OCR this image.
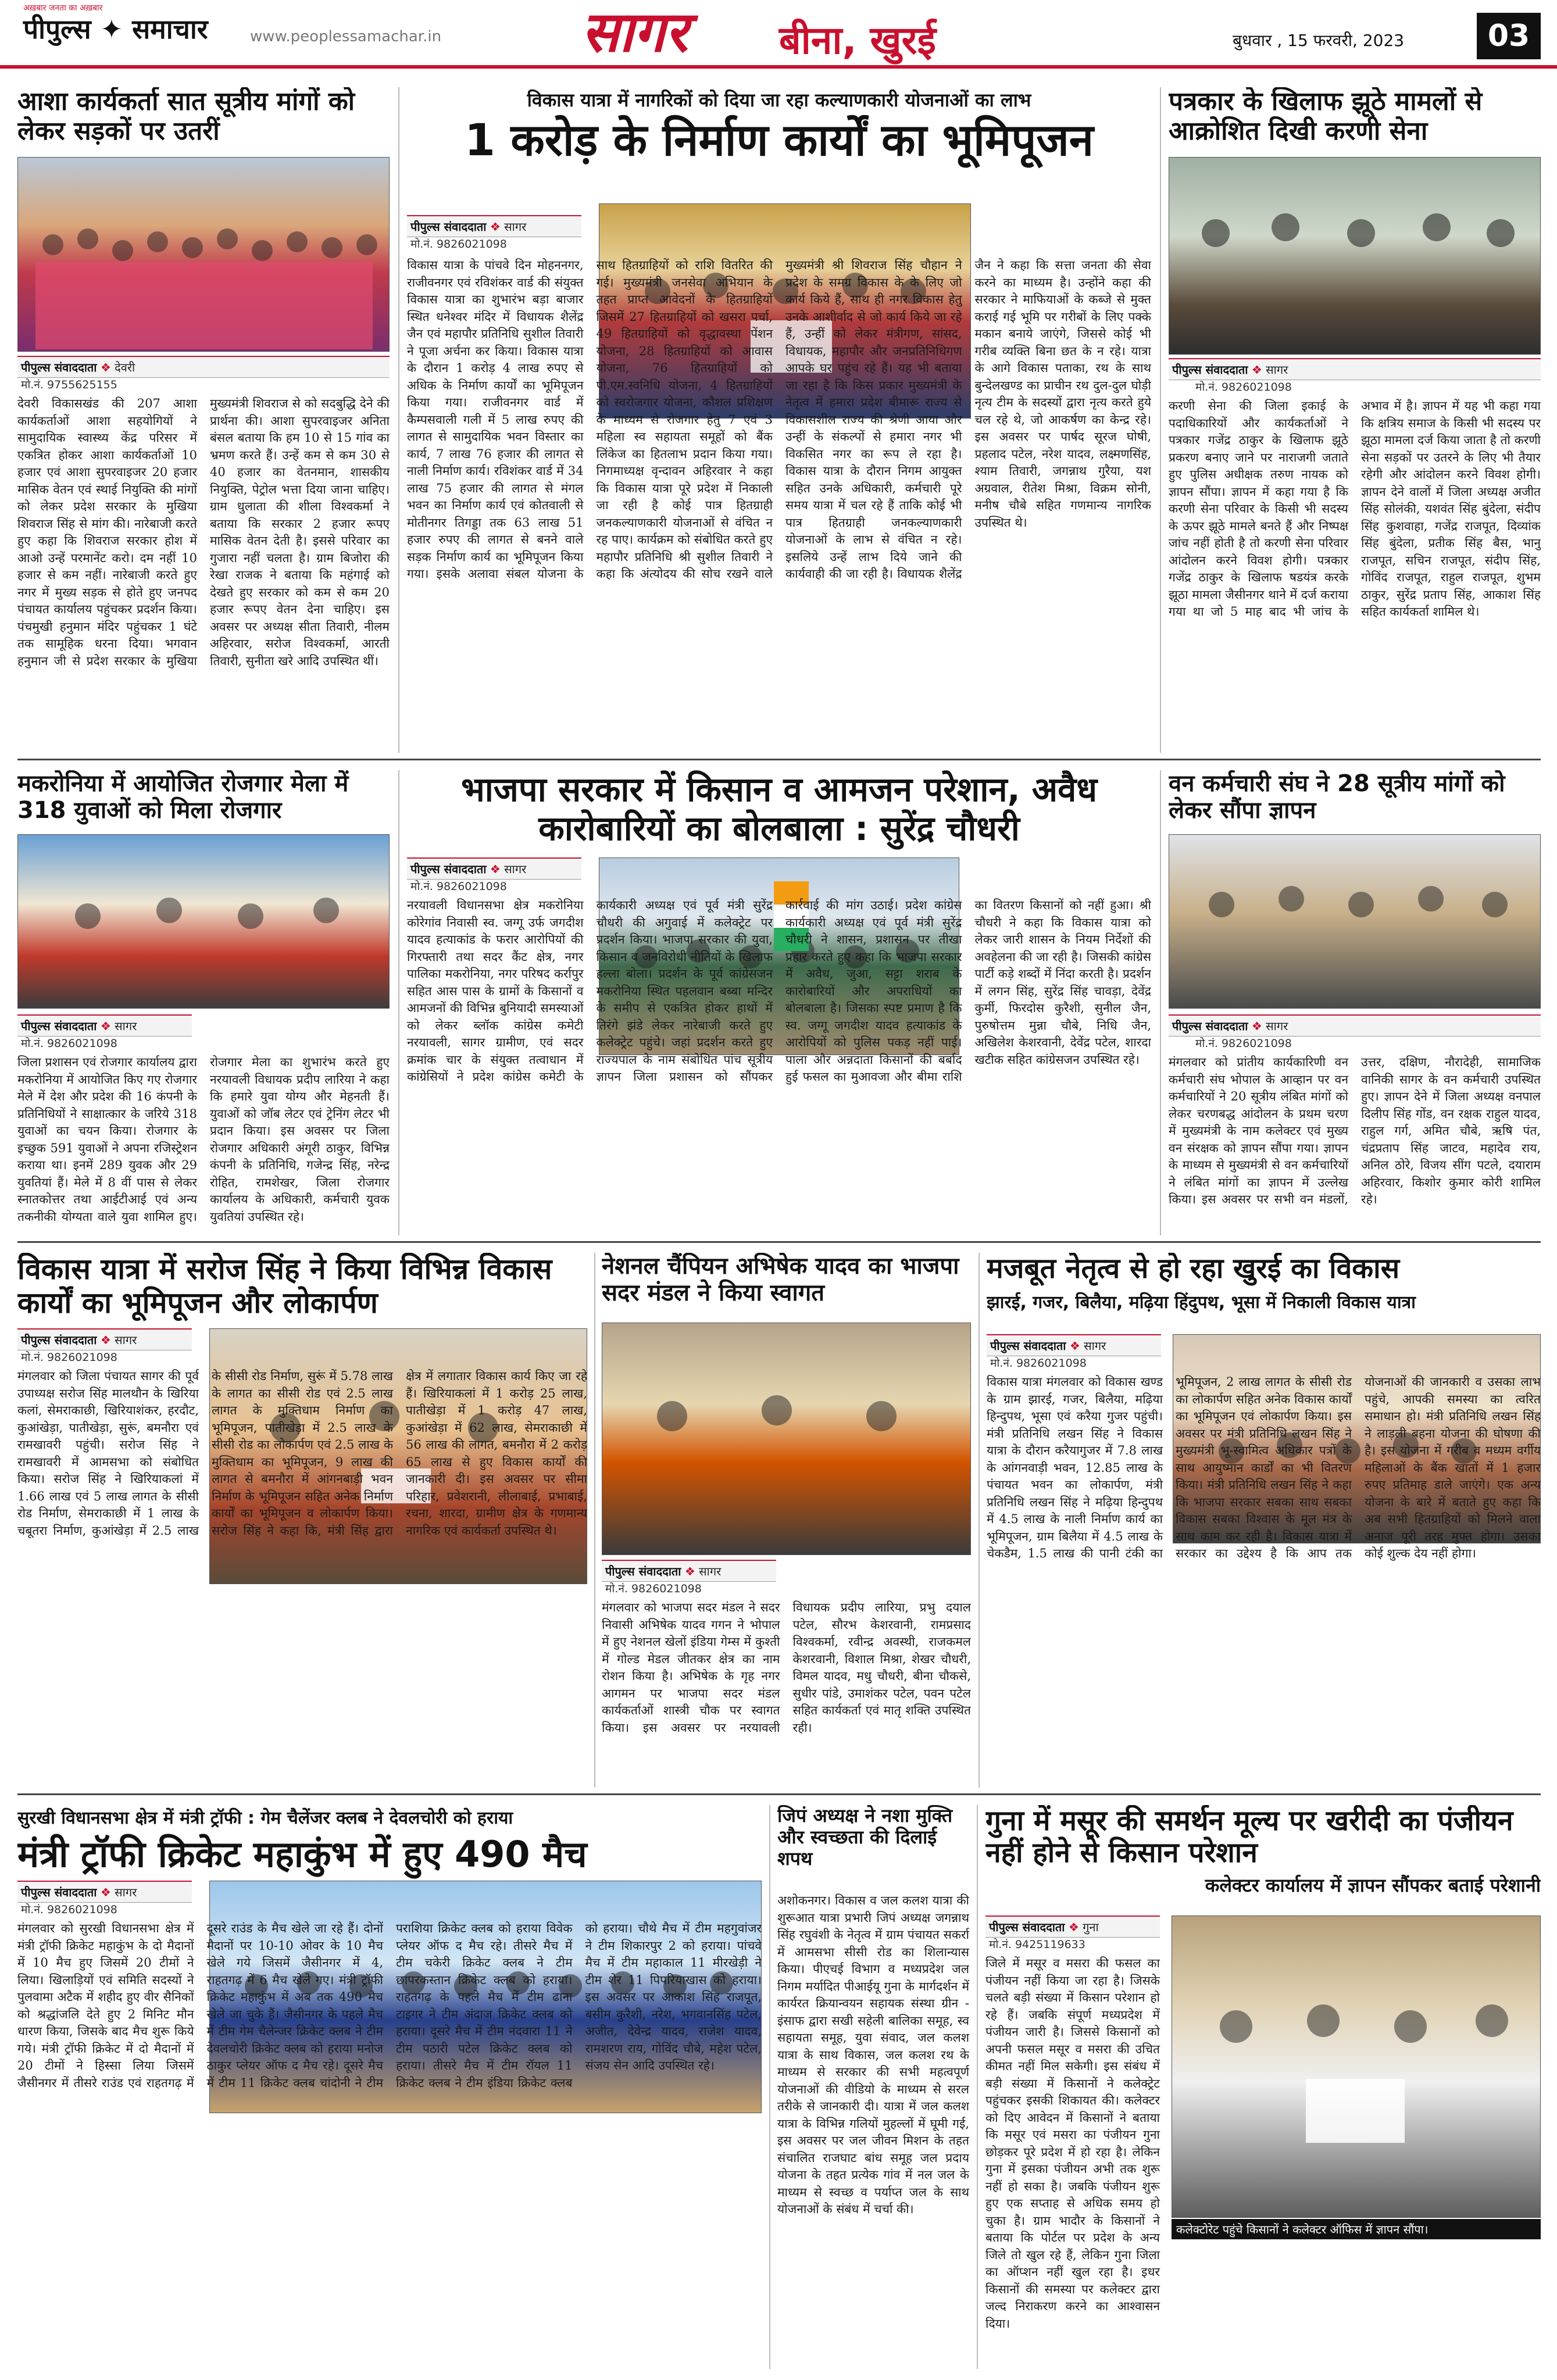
अख़बार जनता का अख़बार
पीपुल्स ✦ समाचार	www.peoplessamachar.in	सागर बीना, खुरई	बुधवार , 15 फरवरी, 2023	03
आशा कार्यकर्ता सात सूत्रीय मांगों को लेकर सड़कों पर उतरीं
पीपुल्स संवाददाता ❖ देवरी
मो.नं. 9755625155
देवरी विकासखंड की 207 आशा कार्यकर्ताओं आशा सहयोगियों ने सामुदायिक स्वास्थ्य केंद्र परिसर में एकत्रित होकर आशा कार्यकर्ताओं 10 हजार एवं आशा सुपरवाइजर 20 हजार मासिक वेतन एवं स्थाई नियुक्ति की मांगों को लेकर प्रदेश सरकार के मुखिया शिवराज सिंह से मांग की। नारेबाजी करते हुए कहा कि शिवराज सरकार होश में आओ उन्हें परमानेंट करो। दम नहीं 10 हजार से कम नहीं। नारेबाजी करते हुए नगर में मुख्य सड़क से होते हुए जनपद पंचायत कार्यालय पहुंचकर प्रदर्शन किया। पंचमुखी हनुमान मंदिर पहुंचकर 1 घंटे तक सामूहिक धरना दिया। भगवान हनुमान जी से प्रदेश सरकार के मुखिया मुख्यमंत्री शिवराज से को सदबुद्धि देने की प्रार्थना की। आशा सुपरवाइजर अनिता बंसल बताया कि हम 10 से 15 गांव का भ्रमण करते हैं। उन्हें कम से कम 30 से 40 हजार का वेतनमान, शासकीय नियुक्ति, पेट्रोल भत्ता दिया जाना चाहिए। ग्राम धुलाता की शीला विश्वकर्मा ने बताया कि सरकार 2 हजार रूपए मासिक वेतन देती है। इससे परिवार का गुजारा नहीं चलता है। ग्राम बिजोरा की रेखा राजक ने बताया कि महंगाई को देखते हुए सरकार को कम से कम 20 हजार रूपए वेतन देना चाहिए। इस अवसर पर अध्यक्ष सीता तिवारी, नीलम अहिरवार, सरोज विश्वकर्मा, आरती तिवारी, सुनीता खरे आदि उपस्थित थीं।
विकास यात्रा में नागरिकों को दिया जा रहा कल्याणकारी योजनाओं का लाभ
1 करोड़ के निर्माण कार्यों का भूमिपूजन
पीपुल्स संवाददाता ❖ सागर
मो.नं. 9826021098
विकास यात्रा के पांचवे दिन मोहननगर, राजीवनगर एवं रविशंकर वार्ड की संयुक्त विकास यात्रा का शुभारंभ बड़ा बाजार स्थित धनेश्वर मंदिर में विधायक शैलेंद्र जैन एवं महापौर प्रतिनिधि सुशील तिवारी ने पूजा अर्चना कर किया। विकास यात्रा के दौरान 1 करोड़ 4 लाख रुपए से अधिक के निर्माण कार्यों का भूमिपूजन किया गया। राजीवनगर वार्ड में कैम्पसवाली गली में 5 लाख रुपए की लागत से सामुदायिक भवन विस्तार का कार्य, 7 लाख 76 हजार की लागत से नाली निर्माण कार्य। रविशंकर वार्ड में 34 लाख 75 हजार की लागत से मंगल भवन का निर्माण कार्य एवं कोतवाली से मोतीनगर तिगड्डा तक 63 लाख 51 हजार रुपए की लागत से बनने वाले सड़क निर्माण कार्य का भूमिपूजन किया गया। इसके अलावा संबल योजना के साथ हितग्राहियों को राशि वितरित की गई। मुख्यमंत्री जनसेवा अभियान के तहत प्राप्त आवेदनों के हितग्राहियों जिसमें 27 हितग्राहियों को खसरा पर्चा, 49 हितग्राहियों को वृद्धावस्था पेंशन योजना, 28 हितग्राहियों को आवास योजना, 76 हितग्राहियों को पी.एम.स्वनिधि योजना, 4 हितग्राहियों को स्वरोजगार योजना, कौशल प्रशिक्षण के माध्यम से रोजगार हेतु 7 एवं 3 महिला स्व सहायता समूहों को बैंक लिंकेज का हितलाभ प्रदान किया गया। निगमाध्यक्ष वृन्दावन अहिरवार ने कहा कि विकास यात्रा पूरे प्रदेश में निकाली जा रही है कोई पात्र हितग्राही जनकल्याणकारी योजनाओं से वंचित न रह पाए। कार्यक्रम को संबोधित करते हुए महापौर प्रतिनिधि श्री सुशील तिवारी ने कहा कि अंत्योदय की सोच रखने वाले मुख्यमंत्री श्री शिवराज सिंह चौहान ने प्रदेश के समग्र विकास के के लिए जो कार्य किये हैं, साथ ही नगर विकास हेतु उनके आशीर्वाद से जो कार्य किये जा रहे हैं, उन्हीं को लेकर मंत्रीगण, सांसद, विधायक, महापौर और जनप्रतिनिधिगण आपके घर पहुंच रहे हैं। यह भी बताया जा रहा है कि किस प्रकार मुख्यमंत्री के नेतृत्व में हमारा प्रदेश बीमारू राज्य से विकासशील राज्य की श्रेणी आया और उन्हीं के संकल्पों से हमारा नगर भी विकसित नगर का रूप ले रहा है। विकास यात्रा के दौरान निगम आयुक्त सहित उनके अधिकारी, कर्मचारी पूरे समय यात्रा में चल रहे हैं ताकि कोई भी पात्र हितग्राही जनकल्याणकारी योजनाओं के लाभ से वंचित न रहे। इसलिये उन्हें लाभ दिये जाने की कार्यवाही की जा रही है। विधायक शैलेंद्र जैन ने कहा कि सत्ता जनता की सेवा करने का माध्यम है। उन्होंने कहा की सरकार ने माफियाओं के कब्जे से मुक्त कराई गई भूमि पर गरीबों के लिए पक्के मकान बनाये जाएंगे, जिससे कोई भी गरीब व्यक्ति बिना छत के न रहे। यात्रा के आगे विकास पताका, रथ के साथ बुन्देलखण्ड का प्राचीन रथ दुल-दुल घोड़ी नृत्य टीम के सदस्यों द्वारा नृत्य करते हुये चल रहे थे, जो आकर्षण का केन्द्र रहे। इस अवसर पर पार्षद सूरज घोषी, प्रहलाद पटेल, नरेश यादव, लक्ष्मणसिंह, श्याम तिवारी, जगन्नाथ गुरैया, यश अग्रवाल, रीतेश मिश्रा, विक्रम सोनी, मनीष चौबे सहित गणमान्य नागरिक उपस्थित थे।
पत्रकार के खिलाफ झूठे मामलों से आक्रोशित दिखी करणी सेना
पीपुल्स संवाददाता ❖ सागर
मो.नं. 9826021098
करणी सेना की जिला इकाई के पदाधिकारियों और कार्यकर्ताओं ने पत्रकार गजेंद्र ठाकुर के खिलाफ झूठे प्रकरण बनाए जाने पर नाराजगी जताते हुए पुलिस अधीक्षक तरुण नायक को ज्ञापन सौंपा। ज्ञापन में कहा गया है कि करणी सेना परिवार के किसी भी सदस्य के ऊपर झूठे मामले बनते हैं और निष्पक्ष जांच नहीं होती है तो करणी सेना परिवार आंदोलन करने विवश होगी। पत्रकार गजेंद्र ठाकुर के खिलाफ षडयंत्र करके झूठा मामला जैसीनगर थाने में दर्ज कराया गया था जो 5 माह बाद भी जांच के अभाव में है। ज्ञापन में यह भी कहा गया कि क्षत्रिय समाज के किसी भी सदस्य पर झूठा मामला दर्ज किया जाता है तो करणी सेना सड़कों पर उतरने के लिए भी तैयार रहेगी और आंदोलन करने विवश होगी। ज्ञापन देने वालों में जिला अध्यक्ष अजीत सिंह सोलंकी, यशवंत सिंह बुंदेला, संदीप सिंह कुशवाहा, गजेंद्र राजपूत, दिव्यांक सिंह बुंदेला, प्रतीक सिंह बैस, भानु राजपूत, सचिन राजपूत, संदीप सिंह, गोविंद राजपूत, राहुल राजपूत, शुभम ठाकुर, सुरेंद्र प्रताप सिंह, आकाश सिंह सहित कार्यकर्ता शामिल थे।
मकरोनिया में आयोजित रोजगार मेला में 318 युवाओं को मिला रोजगार
पीपुल्स संवाददाता ❖ सागर
मो.नं. 9826021098
जिला प्रशासन एवं रोजगार कार्यालय द्वारा मकरोनिया में आयोजित किए गए रोजगार मेले में देश और प्रदेश की 16 कंपनी के प्रतिनिधियों ने साक्षात्कार के जरिये 318 युवाओं का चयन किया। रोजगार के इच्छुक 591 युवाओं ने अपना रजिस्ट्रेशन कराया था। इनमें 289 युवक और 29 युवतियां हैं। मेले में 8 वीं पास से लेकर स्नातकोत्तर तथा आईटीआई एवं अन्य तकनीकी योग्यता वाले युवा शामिल हुए। रोजगार मेला का शुभारंभ करते हुए नरयावली विधायक प्रदीप लारिया ने कहा कि हमारे युवा योग्य और मेहनती हैं। युवाओं को जॉब लेटर एवं ट्रेनिंग लेटर भी प्रदान किया। इस अवसर पर जिला रोजगार अधिकारी अंगूरी ठाकुर, विभिन्न कंपनी के प्रतिनिधि, गजेन्द्र सिंह, नरेन्द्र रोहित, रामशेखर, जिला रोजगार कार्यालय के अधिकारी, कर्मचारी युवक युवतियां उपस्थित रहे।
भाजपा सरकार में किसान व आमजन परेशान, अवैध कारोबारियों का बोलबाला : सुरेंद्र चौधरी
पीपुल्स संवाददाता ❖ सागर
मो.नं. 9826021098
नरयावली विधानसभा क्षेत्र मकरोनिया कोरेगांव निवासी स्व. जग्गू उर्फ जगदीश यादव हत्याकांड के फरार आरोपियों की गिरफ्तारी तथा सदर कैंट क्षेत्र, नगर पालिका मकरोनिया, नगर परिषद कर्रापुर सहित आस पास के ग्रामों के किसानों व आमजनों की विभिन्न बुनियादी समस्याओं को लेकर ब्लॉक कांग्रेस कमेटी नरयावली, सागर ग्रामीण, एवं सदर क्रमांक चार के संयुक्त तत्वाधान में कांग्रेसियों ने प्रदेश कांग्रेस कमेटी के कार्यकारी अध्यक्ष एवं पूर्व मंत्री सुरेंद्र चौधरी की अगुवाई में कलेक्ट्रेट पर प्रदर्शन किया। भाजपा सरकार की युवा, किसान व जनविरोधी नीतियों के खिलाफ हल्ला बोला। प्रदर्शन के पूर्व कांग्रेसजन मकरोनिया स्थित पहलवान बब्बा मन्दिर के समीप से एकत्रित होकर हाथों में तिरंगे झंडे लेकर नारेबाजी करते हुए कलेक्ट्रेट पहुंचे। जहां प्रदर्शन करते हुए राज्यपाल के नाम संबोधित पांच सूत्रीय ज्ञापन जिला प्रशासन को सौंपकर कार्रवाई की मांग उठाई। प्रदेश कांग्रेस कार्यकारी अध्यक्ष एवं पूर्व मंत्री सुरेंद्र चौधरी ने शासन, प्रशासन पर तीखा प्रहार करते हुए कहा कि भाजपा सरकार में अवैध, जुआ, सट्टा शराब के कारोबारियों और अपराधियों का बोलबाला है। जिसका स्पष्ट प्रमाण है कि स्व. जग्गू जगदीश यादव हत्याकांड के आरोपियों को पुलिस पकड़ नहीं पाई। पाला और अन्नदाता किसानों की बर्बाद हुई फसल का मुआवजा और बीमा राशि का वितरण किसानों को नहीं हुआ। श्री चौधरी ने कहा कि विकास यात्रा को लेकर जारी शासन के नियम निर्देशों की अवहेलना की जा रही है। जिसकी कांग्रेस पार्टी कड़े शब्दों में निंदा करती है। प्रदर्शन में लगन सिंह, सुरेंद्र सिंह चावड़ा, देवेंद्र कुर्मी, फिरदोस कुरैशी, सुनील जैन, पुरुषोत्तम मुन्ना चौबे, निधि जैन, अखिलेश केशरवानी, देवेंद्र पटेल, शारदा खटीक सहित कांग्रेसजन उपस्थित रहे।
वन कर्मचारी संघ ने 28 सूत्रीय मांगों को लेकर सौंपा ज्ञापन
पीपुल्स संवाददाता ❖ सागर
मो.नं. 9826021098
मंगलवार को प्रांतीय कार्यकारिणी वन कर्मचारी संघ भोपाल के आव्हान पर वन कर्मचारियों ने 20 सूत्रीय लंबित मांगों को लेकर चरणबद्ध आंदोलन के प्रथम चरण में मुख्यमंत्री के नाम कलेक्टर एवं मुख्य वन संरक्षक को ज्ञापन सौंपा गया। ज्ञापन के माध्यम से मुख्यमंत्री से वन कर्मचारियों ने लंबित मांगों का ज्ञापन में उल्लेख किया। इस अवसर पर सभी वन मंडलों, उत्तर, दक्षिण, नौरादेही, सामाजिक वानिकी सागर के वन कर्मचारी उपस्थित हुए। ज्ञापन देने में जिला अध्यक्ष वनपाल दिलीप सिंह गोंड, वन रक्षक राहुल यादव, राहुल गर्ग, अमित चौबे, ऋषि पंत, चंद्रप्रताप सिंह जाटव, महादेव राय, अनिल ठोरे, विजय सींग पटले, दयाराम अहिरवार, किशोर कुमार कोरी शामिल रहे।
विकास यात्रा में सरोज सिंह ने किया विभिन्न विकास कार्यों का भूमिपूजन और लोकार्पण
पीपुल्स संवाददाता ❖ सागर
मो.नं. 9826021098
मंगलवार को जिला पंचायत सागर की पूर्व उपाध्यक्ष सरोज सिंह मालथौन के खिरिया कलां, सेमराकाछी, खिरियाशंकर, हरदौट, कुआंखेड़ा, पातीखेड़ा, सुरूं, बमनौरा एवं रामखावरी पहुंची। सरोज सिंह ने रामखावरी में आमसभा को संबोधित किया। सरोज सिंह ने खिरियाकलां में 1.66 लाख एवं 5 लाख लागत के सीसी रोड निर्माण, सेमराकाछी में 1 लाख के चबूतरा निर्माण, कुआंखेड़ा में 2.5 लाख के सीसी रोड निर्माण, सुरूं में 5.78 लाख के लागत का सीसी रोड एवं 2.5 लाख लागत के मुक्तिधाम निर्माण का भूमिपूजन, पातीखेड़ा में 2.5 लाख के सीसी रोड का लोकार्पण एवं 2.5 लाख के मुक्तिधाम का भूमिपूजन, 9 लाख की लागत से बमनौरा में आंगनबाड़ी भवन निर्माण के भूमिपूजन सहित अनेक निर्माण कार्यों का भूमिपूजन व लोकार्पण किया। सरोज सिंह ने कहा कि, मंत्री सिंह द्वारा क्षेत्र में लगातार विकास कार्य किए जा रहे हैं। खिरियाकलां में 1 करोड़ 25 लाख, पातीखेड़ा में 1 करोड़ 47 लाख, कुआंखेड़ा में 62 लाख, सेमराकाछी में 56 लाख की लागत, बमनौरा में 2 करोड़ 65 लाख से हुए विकास कार्यों की जानकारी दी। इस अवसर पर सीमा परिहार, प्रवेशरानी, लीलाबाई, प्रभाबाई, रचना, शारदा, ग्रामीण क्षेत्र के गणमान्य नागरिक एवं कार्यकर्ता उपस्थित थे।
नेशनल चैंपियन अभिषेक यादव का भाजपा सदर मंडल ने किया स्वागत
पीपुल्स संवाददाता ❖ सागर
मो.नं. 9826021098
मंगलवार को भाजपा सदर मंडल ने सदर निवासी अभिषेक यादव गगन ने भोपाल में हुए नेशनल खेलों इंडिया गेम्स में कुश्ती में गोल्ड मेडल जीतकर क्षेत्र का नाम रोशन किया है। अभिषेक के गृह नगर आगमन पर भाजपा सदर मंडल कार्यकर्ताओं शास्त्री चौक पर स्वागत किया। इस अवसर पर नरयावली विधायक प्रदीप लारिया, प्रभु दयाल पटेल, सौरभ केशरवानी, रामप्रसाद विश्वकर्मा, रवीन्द्र अवस्थी, राजकमल केशरवानी, विशाल मिश्रा, शेखर चौधरी, विमल यादव, मधु चौधरी, बीना चौकसे, सुधीर पांडे, उमाशंकर पटेल, पवन पटेल सहित कार्यकर्ता एवं मातृ शक्ति उपस्थित रही।
मजबूत नेतृत्व से हो रहा खुरई का विकास
झारई, गजर, बिलैया, मढ़िया हिंदुपथ, भूसा में निकाली विकास यात्रा
पीपुल्स संवाददाता ❖ सागर
मो.नं. 9826021098
विकास यात्रा मंगलवार को विकास खण्ड के ग्राम झारई, गजर, बिलैया, मढ़िया हिन्दुपथ, भूसा एवं करैया गुजर पहुंची। मंत्री प्रतिनिधि लखन सिंह ने विकास यात्रा के दौरान करैयागुजर में 7.8 लाख के आंगनवाड़ी भवन, 12.85 लाख के पंचायत भवन का लोकार्पण, मंत्री प्रतिनिधि लखन सिंह ने मढ़िया हिन्दुपथ में 4.5 लाख के नाली निर्माण कार्य का भूमिपूजन, ग्राम बिलैया में 4.5 लाख के चेकडैम, 1.5 लाख की पानी टंकी का भूमिपूजन, 2 लाख लागत के सीसी रोड का लोकार्पण सहित अनेक विकास कार्यों का भूमिपूजन एवं लोकार्पण किया। इस अवसर पर मंत्री प्रतिनिधि लखन सिंह ने मुख्यमंत्री भू-स्वामित्व अधिकार पत्रों के साथ आयुष्मान कार्डों का भी वितरण किया। मंत्री प्रतिनिधि लखन सिंह ने कहा कि भाजपा सरकार सबका साथ सबका विकास सबका विश्वास के मूल मंत्र के साथ काम कर रही है। विकास यात्रा में सरकार का उद्देश्य है कि आप तक योजनाओं की जानकारी व उसका लाभ पहुंचे, आपकी समस्या का त्वरित समाधान हो। मंत्री प्रतिनिधि लखन सिंह ने लाड़ली बहना योजना की घोषणा की है। इस योजना में गरीब व मध्यम वर्गीय महिलाओं के बैंक खातों में 1 हजार रुपए प्रतिमाह डाले जाएंगे। एक अन्य योजना के बारे में बताते हुए कहा कि अब सभी हितग्राहियों को मिलने वाला अनाज पूरी तरह मुफ्त होगा। उसका कोई शुल्क देय नहीं होगा।
सुरखी विधानसभा क्षेत्र में मंत्री ट्रॉफी : गेम चैलेंजर क्लब ने देवलचोरी को हराया
मंत्री ट्रॉफी क्रिकेट महाकुंभ में हुए 490 मैच
पीपुल्स संवाददाता ❖ सागर
मो.नं. 9826021098
मंगलवार को सुरखी विधानसभा क्षेत्र में मंत्री ट्रॉफी क्रिकेट महाकुंभ के दो मैदानों में 10 मैच हुए जिसमें 20 टीमों ने लिया। खिलाड़ियों एवं समिति सदस्यों ने पुलवामा अटैक में शहीद हुए वीर सैनिकों को श्रद्धांजलि देते हुए 2 मिनिट मौन धारण किया, जिसके बाद मैच शुरू किये गये। मंत्री ट्रॉफी क्रिकेट में दो मैदानों में 20 टीमों ने हिस्सा लिया जिसमें जैसीनगर में तीसरे राउंड एवं राहतगढ़ में दूसरे राउंड के मैच खेले जा रहे हैं। दोनों मैदानों पर 10-10 ओवर के 10 मैच खेले गये जिसमें जैसीनगर में 4, राहतगढ़ में 6 मैच खेले गए। मंत्री ट्रॉफी क्रिकेट महाकुंभ में अब तक 490 मैच खेले जा चुके हैं। जैसीनगर के पहले मैच में टीम गेम चैलेन्जर क्रिकेट क्लब ने टीम देवलचोरी क्रिकेट क्लब को हराया मनोज ठाकुर प्लेयर ऑफ द मैच रहे। दूसरे मैच में टीम 11 क्रिकेट क्लब चांदोनी ने टीम पराशिया क्रिकेट क्लब को हराया विवेक प्लेयर ऑफ द मैच रहे। तीसरे मैच में टीम चकेरी क्रिकेट क्लब ने टीम छापरकस्तान क्रिकेट क्लब को हराया। राहतगढ़ के पहले मैच में टीम ढाना टाइगर ने टीम अंदाज क्रिकेट क्लब को हराया। दूसरे मैच में टीम नंदवारा 11 ने टीम पठारी पटेल क्रिकेट क्लब को हराया। तीसरे मैच में टीम रॉयल 11 क्रिकेट क्लब ने टीम इंडिया क्रिकेट क्लब को हराया। चौथे मैच में टीम महगुवांजर ने टीम शिकारपुर 2 को हराया। पांचवे मैच में टीम महाकाल 11 मीरखेड़ी ने टीम शेर 11 पिपरियाखास को हराया। इस अवसर पर आकाश सिंह राजपूत, बसीम कुरैशी, नरेश, भगवानसिंह पटेल, अजीत, देवेन्द्र यादव, राजेश यादव, रामशरण राय, गोविंद चौबे, महेश पटेल, संजय सेन आदि उपस्थित रहे।
जिपं अध्यक्ष ने नशा मुक्ति और स्वच्छता की दिलाई शपथ
अशोकनगर। विकास व जल कलश यात्रा की शुरूआत यात्रा प्रभारी जिपं अध्यक्ष जगन्नाथ सिंह रघुवंशी के नेतृत्व में ग्राम पंचायत सकर्रा में आमसभा सीसी रोड का शिलान्यास किया। पीएचई विभाग व मध्यप्रदेश जल निगम मर्यादित पीआईयू गुना के मार्गदर्शन में कार्यरत क्रियान्वयन सहायक संस्था ग्रीन - इंसाफ द्वारा सखी सहेली बालिका समूह, स्व सहायता समूह, युवा संवाद, जल कलश यात्रा के साथ विकास, जल कलश रथ के माध्यम से सरकार की सभी महत्वपूर्ण योजनाओं की वीडियो के माध्यम से सरल तरीके से जानकारी दी। यात्रा में जल कलश यात्रा के विभिन्न गलियों मुहल्लों में घूमी गई, इस अवसर पर जल जीवन मिशन के तहत संचालित राजघाट बांध समूह जल प्रदाय योजना के तहत प्रत्येक गांव में नल जल के माध्यम से स्वच्छ व पर्याप्त जल के साथ योजनाओं के संबंध में चर्चा की।
गुना में मसूर की समर्थन मूल्य पर खरीदी का पंजीयन नहीं होने से किसान परेशान
कलेक्टर कार्यालय में ज्ञापन सौंपकर बताई परेशानी
पीपुल्स संवाददाता ❖ गुना
मो.नं. 9425119633
कलेक्टोरेट पहुंचे किसानों ने कलेक्टर ऑफिस में ज्ञापन सौंपा।
जिले में मसूर व मसरा की फसल का पंजीयन नहीं किया जा रहा है। जिसके चलते बड़ी संख्या में किसान परेशान हो रहे हैं। जबकि संपूर्ण मध्यप्रदेश में पंजीयन जारी है। जिससे किसानों को अपनी फसल मसूर व मसरा की उचित कीमत नहीं मिल सकेगी। इस संबंध में बड़ी संख्या में किसानों ने कलेक्ट्रेट पहुंचकर इसकी शिकायत की। कलेक्टर को दिए आवेदन में किसानों ने बताया कि मसूर एवं मसरा का पंजीयन गुना छोड़कर पूरे प्रदेश में हो रहा है। लेकिन गुना में इसका पंजीयन अभी तक शुरू नहीं हो सका है। जबकि पंजीयन शुरू हुए एक सप्ताह से अधिक समय हो चुका है। ग्राम भादौर के किसानों ने बताया कि पोर्टल पर प्रदेश के अन्य जिले तो खुल रहे हैं, लेकिन गुना जिला का ऑप्शन नहीं खुल रहा है। इधर किसानों की समस्या पर कलेक्टर द्वारा जल्द निराकरण करने का आश्वासन दिया।
